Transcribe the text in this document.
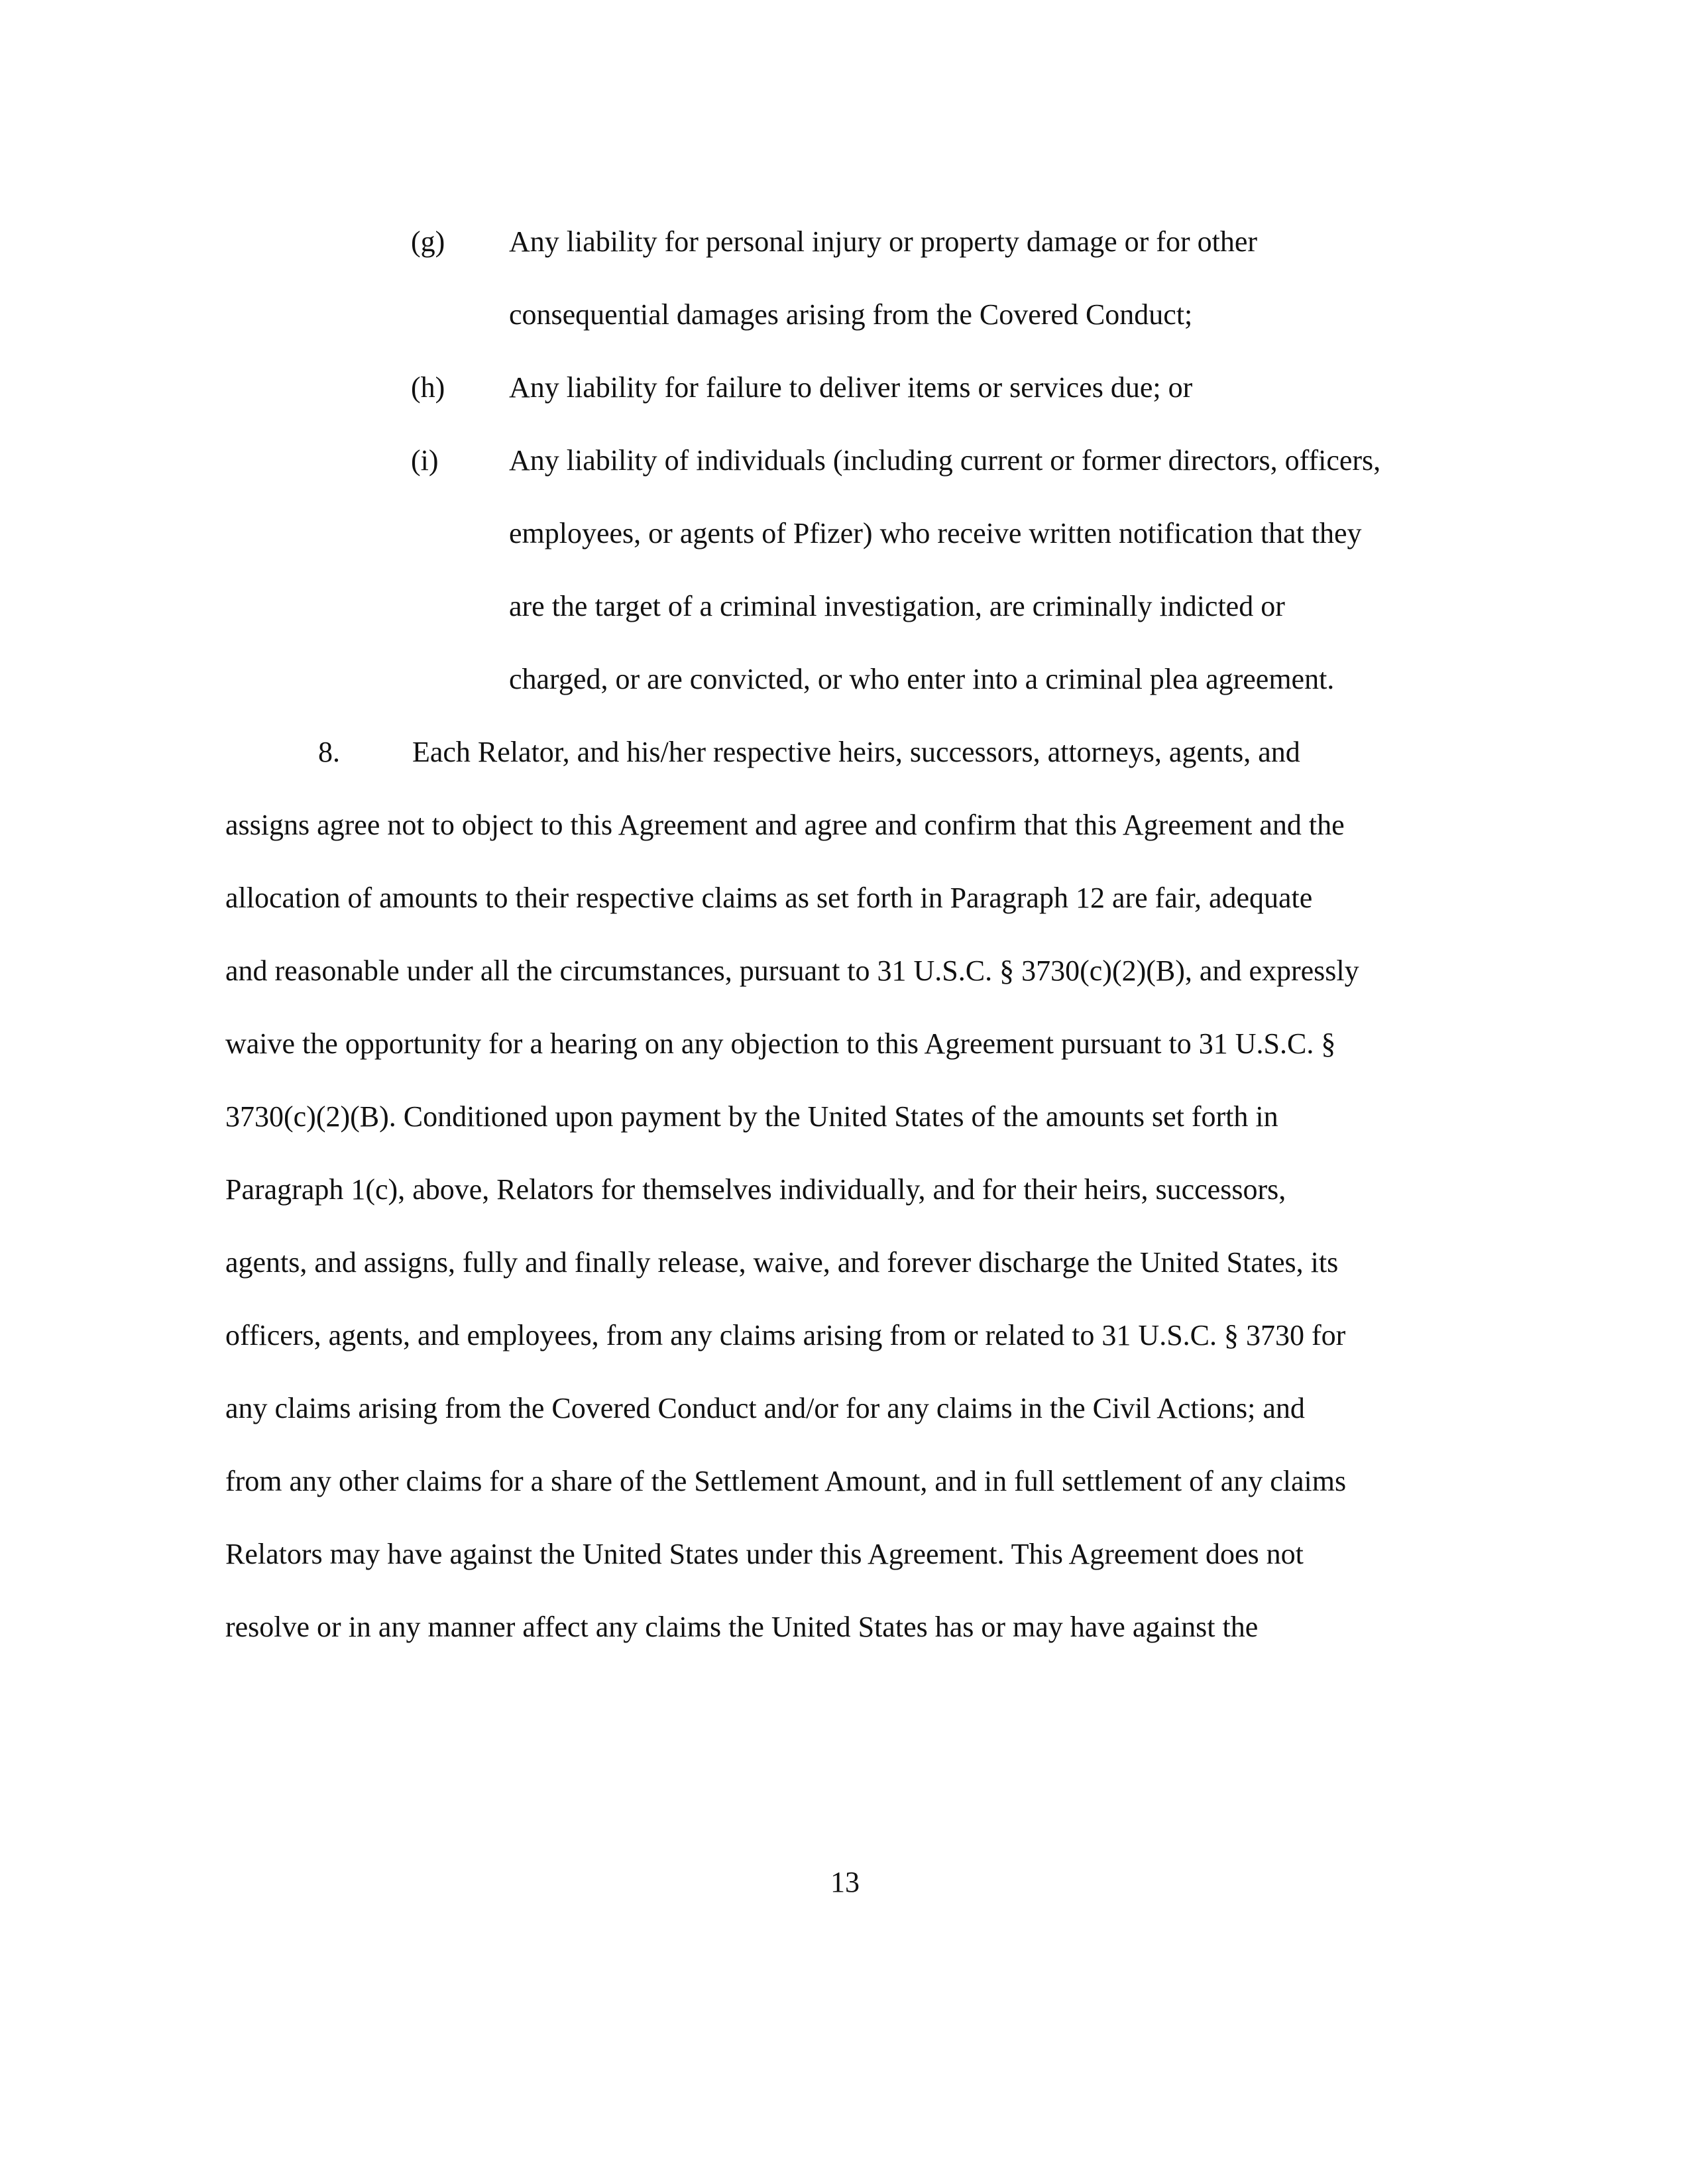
(g) Any liability for personal injury or property damage or for other
consequential damages arising from the Covered Conduct;
(h) Any liability for failure to deliver items or services due; or
(i) Any liability of individuals (including current or former directors, officers,
employees, or agents of Pfizer) who receive written notification that they
are the target of a criminal investigation, are criminally indicted or
charged, or are convicted, or who enter into a criminal plea agreement.
8. Each Relator, and his/her respective heirs, successors, attorneys, agents, and
assigns agree not to object to this Agreement and agree and confirm that this Agreement and the
allocation of amounts to their respective claims as set forth in Paragraph 12 are fair, adequate
and reasonable under all the circumstances, pursuant to 31 U.S.C. § 3730(c)(2)(B), and expressly
waive the opportunity for a hearing on any objection to this Agreement pursuant to 31 U.S.C. §
3730(c)(2)(B). Conditioned upon payment by the United States of the amounts set forth in
Paragraph 1(c), above, Relators for themselves individually, and for their heirs, successors,
agents, and assigns, fully and finally release, waive, and forever discharge the United States, its
officers, agents, and employees, from any claims arising from or related to 31 U.S.C. § 3730 for
any claims arising from the Covered Conduct and/or for any claims in the Civil Actions; and
from any other claims for a share of the Settlement Amount, and in full settlement of any claims
Relators may have against the United States under this Agreement. This Agreement does not
resolve or in any manner affect any claims the United States has or may have against the
13
